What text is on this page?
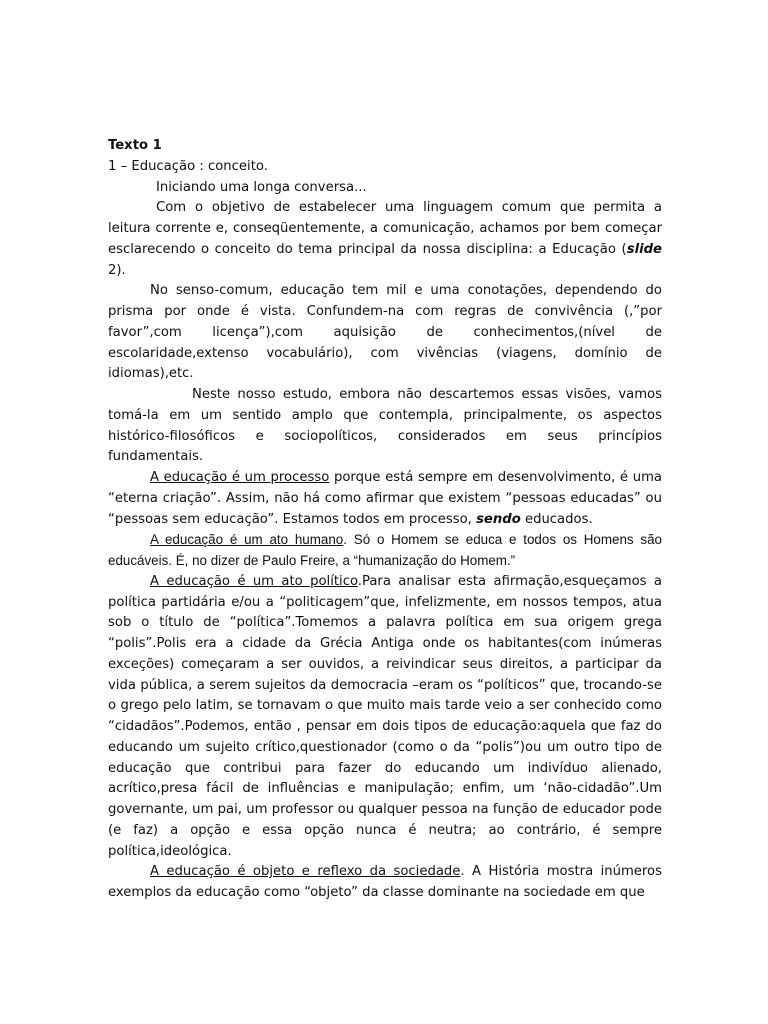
Texto 1
1 – Educação : conceito.

Iniciando uma longa conversa...

Com o objetivo de estabelecer uma linguagem comum que permita a leitura corrente e, conseqüentemente, a comunicação, achamos por bem começar esclarecendo o conceito do tema principal da nossa disciplina: a Educação (slide 2).

No senso-comum, educação tem mil e uma conotações, dependendo do prisma por onde é vista. Confundem-na com regras de convivência (,”por favor”,com licença”),com aquisição de conhecimentos,(nível de escolaridade,extenso vocabulário), com vivências (viagens, domínio de idiomas),etc.

Neste nosso estudo, embora não descartemos essas visões, vamos tomá-la em um sentido amplo que contempla, principalmente, os aspectos histórico-filosóficos e sociopolíticos, considerados em seus princípios fundamentais.

A educação é um processo porque está sempre em desenvolvimento, é uma “eterna criação”. Assim, não há como afirmar que existem “pessoas educadas” ou “pessoas sem educação”. Estamos todos em processo, sendo educados.

A educação é um ato humano. Só o Homem se educa e todos os Homens são educáveis. É, no dizer de Paulo Freire, a “humanização do Homem.”

A educação é um ato político.Para analisar esta afirmação,esqueçamos a política partidária e/ou a “politicagem”que, infelizmente, em nossos tempos, atua sob o título de “política”.Tomemos a palavra política em sua origem grega “polis”.Polis era a cidade da Grécia Antiga onde os habitantes(com inúmeras exceções) começaram a ser ouvidos, a reivindicar seus direitos, a participar da vida pública, a serem sujeitos da democracia –eram os “políticos” que, trocando-se o grego pelo latim, se tornavam o que muito mais tarde veio a ser conhecido como “cidadãos”.Podemos, então , pensar em dois tipos de educação:aquela que faz do educando um sujeito crítico,questionador (como o da “polis”)ou um outro tipo de educação que contribui para fazer do educando um indivíduo alienado, acrítico,presa fácil de influências e manipulação; enfim, um ‘não-cidadão”.Um governante, um pai, um professor ou qualquer pessoa na função de educador pode (e faz) a opção e essa opção nunca é neutra; ao contrário, é sempre política,ideológica.

A educação é objeto e reflexo da sociedade. A História mostra inúmeros exemplos da educação como “objeto” da classe dominante na sociedade em que
